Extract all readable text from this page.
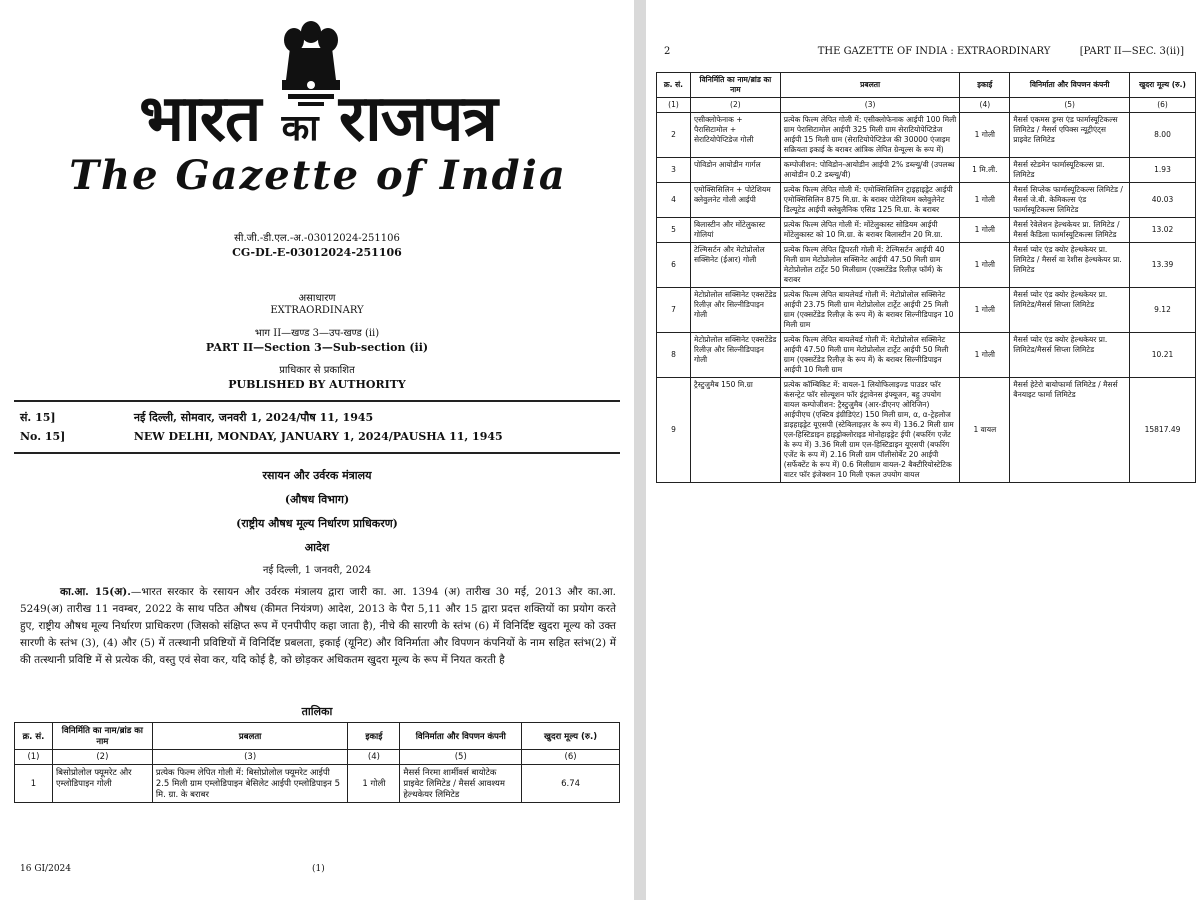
भारत का राजपत्र
The Gazette of India
सी.जी.-डी.एल.-अ.-03012024-251106
CG-DL-E-03012024-251106
असाधारण
EXTRAORDINARY
भाग II—खण्ड 3—उप-खण्ड (ii)
PART II—Section 3—Sub-section (ii)
प्राधिकार से प्रकाशित
PUBLISHED BY AUTHORITY
सं. 15]	नई दिल्ली, सोमवार, जनवरी 1, 2024/पौष 11, 1945
No. 15]	NEW DELHI, MONDAY, JANUARY 1, 2024/PAUSHA 11, 1945
रसायन और उर्वरक मंत्रालय
(औषध विभाग)
(राष्ट्रीय औषध मूल्य निर्धारण प्राधिकरण)
आदेश
नई दिल्ली, 1 जनवरी, 2024
का.आ. 15(अ).—भारत सरकार के रसायन और उर्वरक मंत्रालय द्वारा जारी का. आ. 1394 (अ) तारीख 30 मई, 2013 और का.आ. 5249(अ) तारीख 11 नवम्बर, 2022 के साथ पठित औषध (कीमत नियंत्रण) आदेश, 2013 के पैरा 5,11 और 15 द्वारा प्रदत्त शक्तियों का प्रयोग करते हुए, राष्ट्रीय औषध मूल्य निर्धारण प्राधिकरण (जिसको संक्षिप्त रूप में एनपीपीए कहा जाता है), नीचे की सारणी के स्तंभ (6) में विनिर्दिष्ट खुदरा मूल्य को उक्त सारणी के स्तंभ (3), (4) और (5) में तत्स्थानी प्रविष्टियों में विनिर्दिष्ट प्रबलता, इकाई (यूनिट) और विनिर्माता और विपणन कंपनियों के नाम सहित स्तंभ(2) में की तत्स्थानी प्रविष्टि में से प्रत्येक की, वस्तु एवं सेवा कर, यदि कोई है, को छोड़कर अधिकतम खुदरा मूल्य के रूप में नियत करती है
तालिका
क्र. सं.	विनिर्मिति का नाम/ब्रांड का नाम	प्रबलता	इकाई	विनिर्माता और विपणन कंपनी	खुदरा मूल्य (रु.)
(1)	(2)	(3)	(4)	(5)	(6)
1	बिसोप्रोलोल फ्यूमरेट और एम्लोडिपाइन गोली	प्रत्येक फिल्म लेपित गोली में: बिसोप्रोलोल फ्यूमरेट आईपी 2.5 मिली ग्राम एम्लोडिपाइन बेसिलेट आईपी एम्लोडिपाइन 5 मि. ग्रा. के बराबर	1 गोली	मैसर्स निरमा शार्मीवर्स बायोटेक प्राइवेट लिमिटेड / मैसर्स आवश्यम हेल्थकेयर लिमिटेड	6.74
16 GI/2024	(1)
2	THE GAZETTE OF INDIA : EXTRAORDINARY	[PART II—SEC. 3(ii)]
क्र. सं.	विनिर्मिति का नाम/ब्रांड का नाम	प्रबलता	इकाई	विनिर्माता और विपणन कंपनी	खुदरा मूल्य (रु.)
(1)	(2)	(3)	(4)	(5)	(6)
2	एसीक्लोफेनाक + पैरासिटामोल + सेराटियोपेप्टिडेज गोली	प्रत्येक फिल्म लेपित गोली में: एसीक्लोफेनाक आईपी 100 मिली ग्राम पेरासिटामोल आईपी 325 मिली ग्राम सेराटियोपेप्टिडेज आईपी 15 मिली ग्राम (सेराटियोपेप्टिडेज की 30000 एंजाइम सक्रियता इकाई के बराबर आंत्रिक लेपित ग्रेन्यूल्स के रूप में)	1 गोली	मैसर्स एकमस ड्रग्स एंड फार्मास्यूटिकल्स लिमिटेड / मैसर्स एपिक्स न्यूट्रीएंट्स प्राइवेट लिमिटेड	8.00
3	पोविडोन आयोडीन गार्गल	कम्पोजीशन: पोविडोन-आयोडीन आईपी 2% डब्ल्यू/वी (उपलब्ध आयोडीन 0.2 डब्ल्यू/वी)	1 मि.ली.	मैसर्स स्टेडमेन फार्मास्यूटिकल्स प्रा. लिमिटेड	1.93
4	एमोक्सिसिलिन + पोटेशियम क्लेवुलनेट गोली आईपी	प्रत्येक फिल्म लेपित गोली में: एमोक्सिसिलिन ट्राइहाइड्रेट आईपी एमोक्सिसिलिन 875 मि.ग्रा. के बराबर पोटेशियम क्लेवुलेनेट डिल्यूटेड आईपी क्लेवुलैनिक एसिड 125 मि.ग्रा. के बराबर	1 गोली	मैसर्स सिप्लेक फार्मास्यूटिकल्स लिमिटेड / मैसर्स जे.बी. केमिकल्स एंड फार्मास्यूटिकल्स लिमिटेड	40.03
5	बिलास्टीन और मोंटेलुकास्ट गोलियां	प्रत्येक फिल्म लेपित गोली में: मोंटेलुकास्ट सोडियम आईपी मोंटेलुकास्ट को 10 मि.ग्रा. के बराबर बिलास्टीन 20 मि.ग्रा.	1 गोली	मैसर्स रेवेलेशन हेल्थकेयर प्रा. लिमिटेड / मैसर्स कैडिला फार्मास्यूटिकल्स लिमिटेड	13.02
6	टेल्मिसर्टन और मेटोप्रोलोल सक्सिनेट (ईआर) गोली	प्रत्येक फिल्म लेपित द्विपरती गोली में: टेल्मिसर्टन आईपी 40 मिली ग्राम मेटोप्रोलोल सक्सिनेट आईपी 47.50 मिली ग्राम मेटोप्रोलोल टार्ट्रेट 50 मिलीग्राम (एक्सटेंडेड रिलीज़ फॉर्म) के बराबर	1 गोली	मैसर्स प्योर एंड क्योर हेल्थकेयर प्रा. लिमिटेड / मैसर्स वा रेशीस हेल्थकेयर प्रा. लिमिटेड	13.39
7	मेटोप्रोलोल सक्सिनेट एक्सटेंडेड रिलीज़ और सिल्नीडिपाइन गोली	प्रत्येक फिल्म लेपित बायलेयर्ड गोली में: मेटोप्रोलोल सक्सिनेट आईपी 23.75 मिली ग्राम मेटोप्रोलोल टार्ट्रेट आईपी 25 मिली ग्राम (एक्सटेंडेड रिलीज़ के रूप में) के बराबर सिल्नीडिपाइन 10 मिली ग्राम	1 गोली	मैसर्स प्योर एंड क्योर हेल्थकेयर प्रा. लिमिटेड/मैसर्स सिप्ला लिमिटेड	9.12
8	मेटोप्रोलोल सक्सिनेट एक्सटेंडेड रिलीज़ और सिल्नीडिपाइन गोली	प्रत्येक फिल्म लेपित बायलेयर्ड गोली में: मेटोप्रोलोल सक्सिनेट आईपी 47.50 मिली ग्राम मेटोप्रोलोल टार्ट्रेट आईपी 50 मिली ग्राम (एक्सटेंडेड रिलीज़ के रूप में) के बराबर सिल्नीडिपाइन आईपी 10 मिली ग्राम	1 गोली	मैसर्स प्योर एंड क्योर हेल्थकेयर प्रा. लिमिटेड/मैसर्स सिप्ला लिमिटेड	10.21
9	ट्रैस्टुजुमैब 150 मि.ग्रा	प्रत्येक कॉम्बिकिट में: वायल-1 लियोफिलाइज्ड पाउडर फॉर कंसन्ट्रेट फॉर सोल्यूशन फॉर इंट्रावेनस इंफ्यूजन, बहु उपयोग वायल कम्पोजीशन: ट्रैस्टुजुमैब (आर-डीएनए ओरिजिन) आईपीएच (एक्टिव इंग्रीडिएंट) 150 मिली ग्राम, α, α-ट्रेहलोज डाइहाइड्रेट यूएसपी (स्टेबिलाइज़र के रूप में) 136.2 मिली ग्राम एल-हिस्टिडाइन हाइड्रोक्लोराइड मोनोहाइड्रेट ईपी (बफरिंग एजेंट के रूप में) 3.36 मिली ग्राम एल-हिस्टिडाइन यूएसपी (बफरिंग एजेंट के रूप में) 2.16 मिली ग्राम पॉलीसोर्बेट 20 आईपी (सर्फेक्टेंट के रूप में) 0.6 मिलीग्राम वायल-2 बैक्टीरियोस्टेटिक वाटर फॉर इंजेक्शन 10 मिली एकल उपयोग वायल	1 वायल	मैसर्स हेटेरो बायोफार्मा लिमिटेड / मैसर्स बैनयाइट फार्मा लिमिटेड	15817.49
